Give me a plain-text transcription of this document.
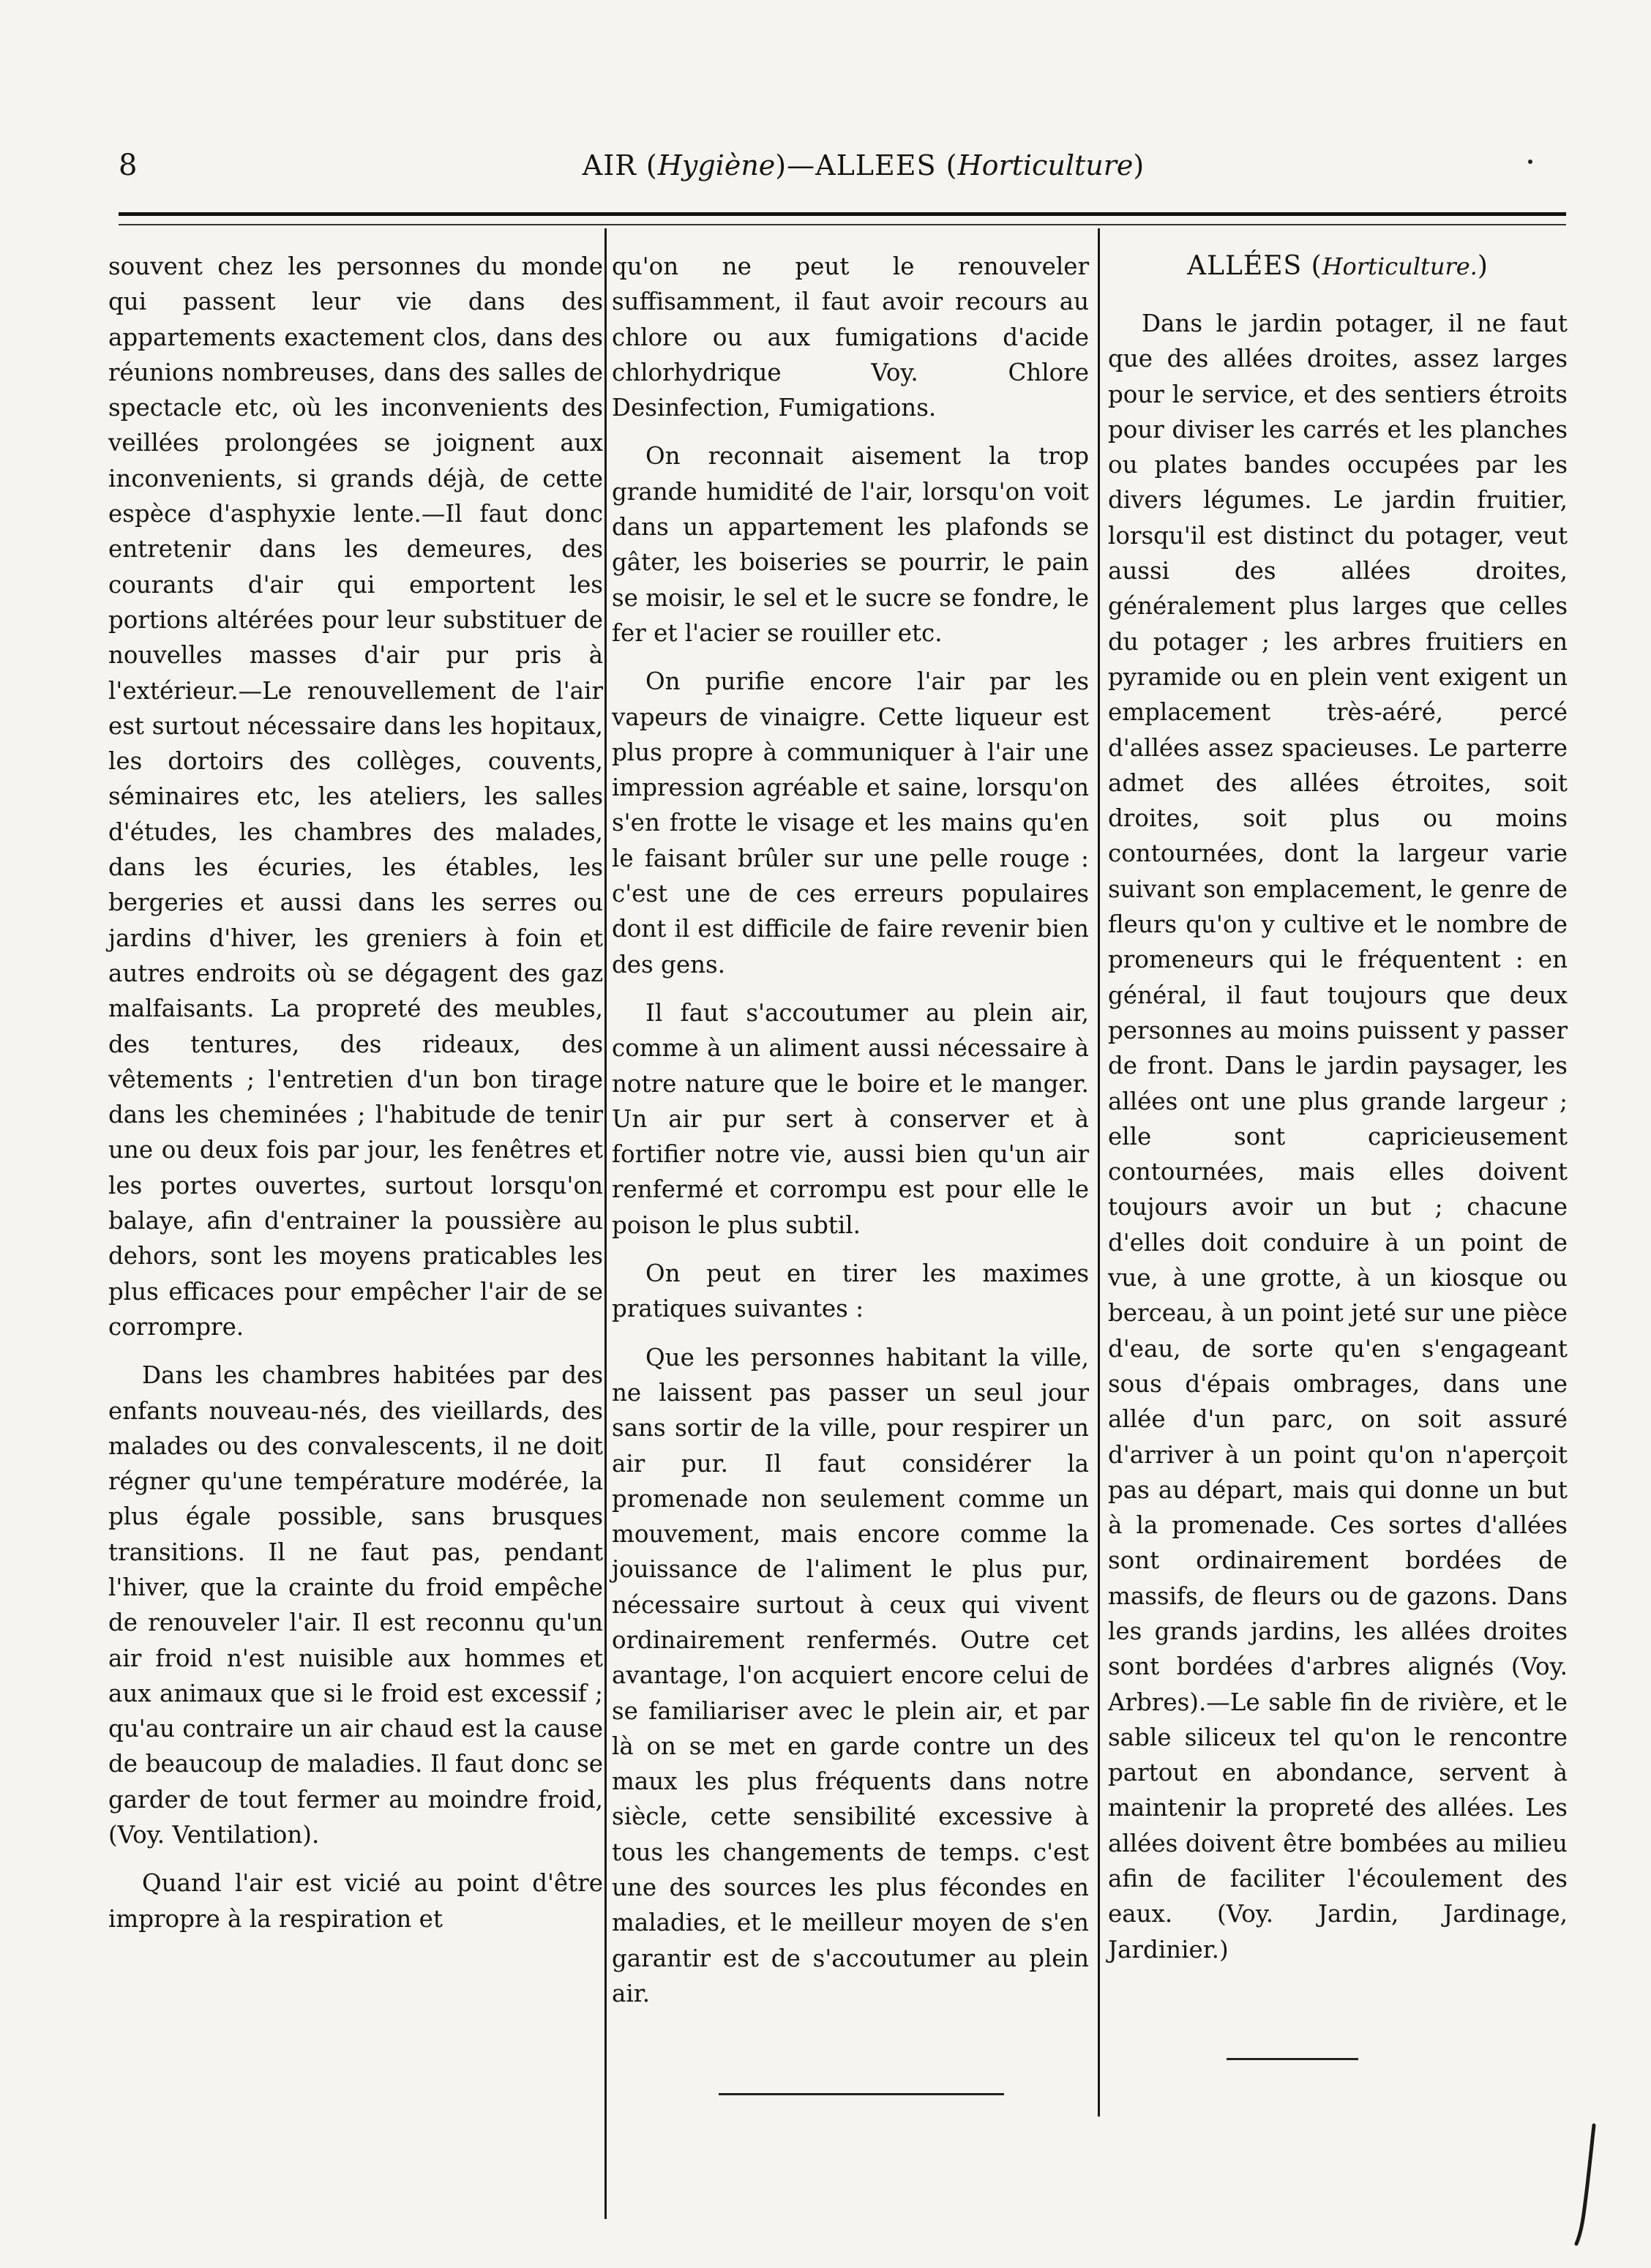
8	AIR (Hygiène)—ALLEES (Horticulture)

souvent chez les personnes du monde qui passent leur vie dans des appartements exactement clos, dans des réunions nombreuses, dans des salles de spectacle etc, où les inconvenients des veillées prolongées se joignent aux inconvenients, si grands déjà, de cette espèce d'asphyxie lente.—Il faut donc entretenir dans les demeures, des courants d'air qui emportent les portions altérées pour leur substituer de nouvelles masses d'air pur pris à l'extérieur.—Le renouvellement de l'air est surtout nécessaire dans les hopitaux, les dortoirs des collèges, couvents, séminaires etc, les ateliers, les salles d'études, les chambres des malades, dans les écuries, les étables, les bergeries et aussi dans les serres ou jardins d'hiver, les greniers à foin et autres endroits où se dégagent des gaz malfaisants. La propreté des meubles, des tentures, des rideaux, des vêtements ; l'entretien d'un bon tirage dans les cheminées ; l'habitude de tenir une ou deux fois par jour, les fenêtres et les portes ouvertes, surtout lorsqu'on balaye, afin d'entrainer la poussière au dehors, sont les moyens praticables les plus efficaces pour empêcher l'air de se corrompre.

Dans les chambres habitées par des enfants nouveau-nés, des vieillards, des malades ou des convalescents, il ne doit régner qu'une température modérée, la plus égale possible, sans brusques transitions. Il ne faut pas, pendant l'hiver, que la crainte du froid empêche de renouveler l'air. Il est reconnu qu'un air froid n'est nuisible aux hommes et aux animaux que si le froid est excessif ; qu'au contraire un air chaud est la cause de beaucoup de maladies. Il faut donc se garder de tout fermer au moindre froid, (Voy. Ventilation).

Quand l'air est vicié au point d'être impropre à la respiration et

qu'on ne peut le renouveler suffisamment, il faut avoir recours au chlore ou aux fumigations d'acide chlorhydrique Voy. Chlore Desinfection, Fumigations.

On reconnait aisement la trop grande humidité de l'air, lorsqu'on voit dans un appartement les plafonds se gâter, les boiseries se pourrir, le pain se moisir, le sel et le sucre se fondre, le fer et l'acier se rouiller etc.

On purifie encore l'air par les vapeurs de vinaigre. Cette liqueur est plus propre à communiquer à l'air une impression agréable et saine, lorsqu'on s'en frotte le visage et les mains qu'en le faisant brûler sur une pelle rouge : c'est une de ces erreurs populaires dont il est difficile de faire revenir bien des gens.

Il faut s'accoutumer au plein air, comme à un aliment aussi nécessaire à notre nature que le boire et le manger. Un air pur sert à conserver et à fortifier notre vie, aussi bien qu'un air renfermé et corrompu est pour elle le poison le plus subtil.

On peut en tirer les maximes pratiques suivantes :

Que les personnes habitant la ville, ne laissent pas passer un seul jour sans sortir de la ville, pour respirer un air pur. Il faut considérer la promenade non seulement comme un mouvement, mais encore comme la jouissance de l'aliment le plus pur, nécessaire surtout à ceux qui vivent ordinairement renfermés. Outre cet avantage, l'on acquiert encore celui de se familiariser avec le plein air, et par là on se met en garde contre un des maux les plus fréquents dans notre siècle, cette sensibilité excessive à tous les changements de temps. c'est une des sources les plus fécondes en maladies, et le meilleur moyen de s'en garantir est de s'accoutumer au plein air.

ALLÉES (Horticulture.)

Dans le jardin potager, il ne faut que des allées droites, assez larges pour le service, et des sentiers étroits pour diviser les carrés et les planches ou plates bandes occupées par les divers légumes. Le jardin fruitier, lorsqu'il est distinct du potager, veut aussi des allées droites, généralement plus larges que celles du potager ; les arbres fruitiers en pyramide ou en plein vent exigent un emplacement très-aéré, percé d'allées assez spacieuses. Le parterre admet des allées étroites, soit droites, soit plus ou moins contournées, dont la largeur varie suivant son emplacement, le genre de fleurs qu'on y cultive et le nombre de promeneurs qui le fréquentent : en général, il faut toujours que deux personnes au moins puissent y passer de front. Dans le jardin paysager, les allées ont une plus grande largeur ; elle sont capricieusement contournées, mais elles doivent toujours avoir un but ; chacune d'elles doit conduire à un point de vue, à une grotte, à un kiosque ou berceau, à un point jeté sur une pièce d'eau, de sorte qu'en s'engageant sous d'épais ombrages, dans une allée d'un parc, on soit assuré d'arriver à un point qu'on n'aperçoit pas au départ, mais qui donne un but à la promenade. Ces sortes d'allées sont ordinairement bordées de massifs, de fleurs ou de gazons. Dans les grands jardins, les allées droites sont bordées d'arbres alignés (Voy. Arbres).—Le sable fin de rivière, et le sable siliceux tel qu'on le rencontre partout en abondance, servent à maintenir la propreté des allées. Les allées doivent être bombées au milieu afin de faciliter l'écoulement des eaux. (Voy. Jardin, Jardinage, Jardinier.)
